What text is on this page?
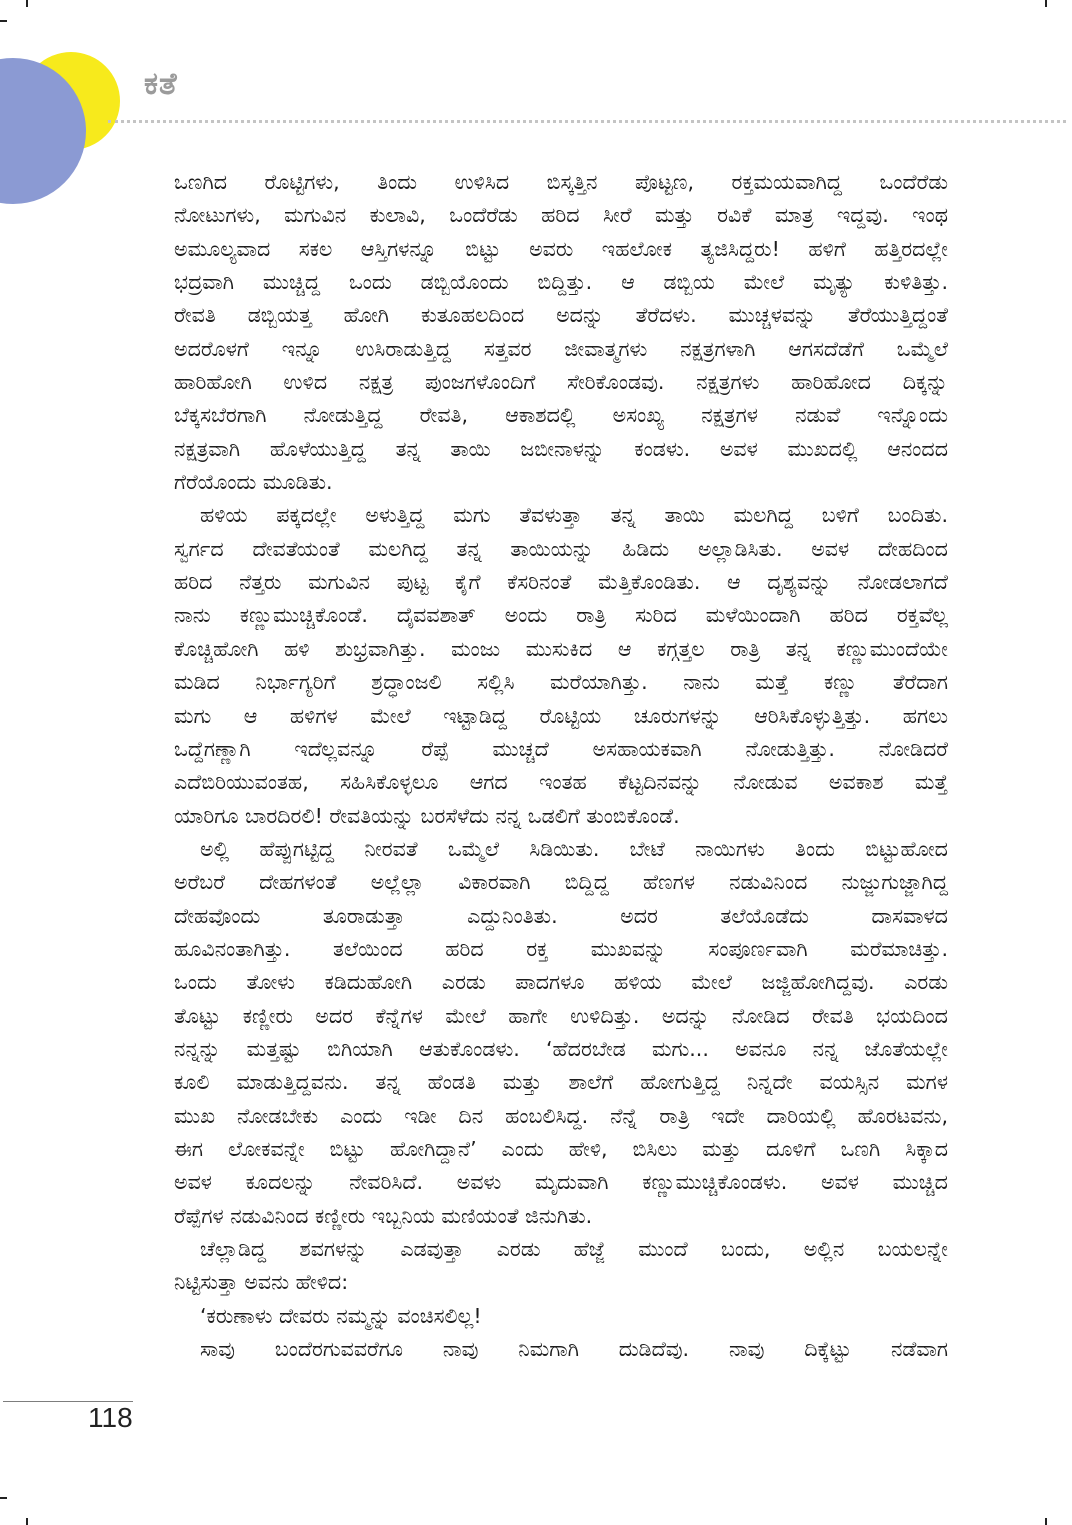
ಕತೆ

ಒಣಗಿದ ರೊಟ್ಟಿಗಳು, ತಿಂದು ಉಳಿಸಿದ ಬಿಸ್ಕತ್ತಿನ ಪೊಟ್ಟಣ, ರಕ್ತಮಯವಾಗಿದ್ದ ಒಂದೆರೆಡು

ನೋಟುಗಳು, ಮಗುವಿನ ಕುಲಾವಿ, ಒಂದೆರೆಡು ಹರಿದ ಸೀರೆ ಮತ್ತು ರವಿಕೆ ಮಾತ್ರ ಇದ್ದವು. ಇಂಥ

ಅಮೂಲ್ಯವಾದ ಸಕಲ ಆಸ್ತಿಗಳನ್ನೂ ಬಿಟ್ಟು ಅವರು ಇಹಲೋಕ ತ್ಯಜಿಸಿದ್ದರು! ಹಳಿಗೆ ಹತ್ತಿರದಲ್ಲೇ

ಭದ್ರವಾಗಿ ಮುಚ್ಚಿದ್ದ ಒಂದು ಡಬ್ಬಿಯೊಂದು ಬಿದ್ದಿತ್ತು. ಆ ಡಬ್ಬಿಯ ಮೇಲೆ ಮೃತ್ಯು ಕುಳಿತಿತ್ತು.

ರೇವತಿ ಡಬ್ಬಿಯತ್ತ ಹೋಗಿ ಕುತೂಹಲದಿಂದ ಅದನ್ನು ತೆರೆದಳು. ಮುಚ್ಚಳವನ್ನು ತೆರೆಯುತ್ತಿದ್ದಂತೆ

ಅದರೊಳಗೆ ಇನ್ನೂ ಉಸಿರಾಡುತ್ತಿದ್ದ ಸತ್ತವರ ಜೀವಾತ್ಮಗಳು ನಕ್ಷತ್ರಗಳಾಗಿ ಆಗಸದೆಡೆಗೆ ಒಮ್ಮೆಲೆ

ಹಾರಿಹೋಗಿ ಉಳಿದ ನಕ್ಷತ್ರ ಪುಂಜಗಳೊಂದಿಗೆ ಸೇರಿಕೊಂಡವು. ನಕ್ಷತ್ರಗಳು ಹಾರಿಹೋದ ದಿಕ್ಕನ್ನು

ಬೆಕ್ಕಸಬೆರಗಾಗಿ ನೋಡುತ್ತಿದ್ದ ರೇವತಿ, ಆಕಾಶದಲ್ಲಿ ಅಸಂಖ್ಯ ನಕ್ಷತ್ರಗಳ ನಡುವೆ ಇನ್ನೊಂದು

ನಕ್ಷತ್ರವಾಗಿ ಹೊಳೆಯುತ್ತಿದ್ದ ತನ್ನ ತಾಯಿ ಜಬೀನಾಳನ್ನು ಕಂಡಳು. ಅವಳ ಮುಖದಲ್ಲಿ ಆನಂದದ

ಗೆರೆಯೊಂದು ಮೂಡಿತು.

ಹಳಿಯ ಪಕ್ಕದಲ್ಲೇ ಅಳುತ್ತಿದ್ದ ಮಗು ತೆವಳುತ್ತಾ ತನ್ನ ತಾಯಿ ಮಲಗಿದ್ದ ಬಳಿಗೆ ಬಂದಿತು.

ಸ್ವರ್ಗದ ದೇವತೆಯಂತೆ ಮಲಗಿದ್ದ ತನ್ನ ತಾಯಿಯನ್ನು ಹಿಡಿದು ಅಲ್ಲಾಡಿಸಿತು. ಅವಳ ದೇಹದಿಂದ

ಹರಿದ ನೆತ್ತರು ಮಗುವಿನ ಪುಟ್ಟ ಕೈಗೆ ಕೆಸರಿನಂತೆ ಮೆತ್ತಿಕೊಂಡಿತು. ಆ ದೃಶ್ಯವನ್ನು ನೋಡಲಾಗದೆ

ನಾನು ಕಣ್ಣುಮುಚ್ಚಿಕೊಂಡೆ. ದೈವವಶಾತ್ ಅಂದು ರಾತ್ರಿ ಸುರಿದ ಮಳೆಯಿಂದಾಗಿ ಹರಿದ ರಕ್ತವೆಲ್ಲ

ಕೊಚ್ಚಿಹೋಗಿ ಹಳಿ ಶುಭ್ರವಾಗಿತ್ತು. ಮಂಜು ಮುಸುಕಿದ ಆ ಕಗ್ಗತ್ತಲ ರಾತ್ರಿ ತನ್ನ ಕಣ್ಣುಮುಂದೆಯೇ

ಮಡಿದ ನಿರ್ಭಾಗ್ಯರಿಗೆ ಶ್ರದ್ಧಾಂಜಲಿ ಸಲ್ಲಿಸಿ ಮರೆಯಾಗಿತ್ತು. ನಾನು ಮತ್ತೆ ಕಣ್ಣು ತೆರೆದಾಗ

ಮಗು ಆ ಹಳಿಗಳ ಮೇಲೆ ಇಟ್ಟಾಡಿದ್ದ ರೊಟ್ಟಿಯ ಚೂರುಗಳನ್ನು ಆರಿಸಿಕೊಳ್ಳುತ್ತಿತ್ತು. ಹಗಲು

ಒದ್ದೆಗಣ್ಣಾಗಿ ಇದೆಲ್ಲವನ್ನೂ ರೆಪ್ಪೆ ಮುಚ್ಚದೆ ಅಸಹಾಯಕವಾಗಿ ನೋಡುತ್ತಿತ್ತು. ನೋಡಿದರೆ

ಎದೆಬಿರಿಯುವಂತಹ, ಸಹಿಸಿಕೊಳ್ಳಲೂ ಆಗದ ಇಂತಹ ಕೆಟ್ಟದಿನವನ್ನು ನೋಡುವ ಅವಕಾಶ ಮತ್ತೆ

ಯಾರಿಗೂ ಬಾರದಿರಲಿ! ರೇವತಿಯನ್ನು ಬರಸೆಳೆದು ನನ್ನ ಒಡಲಿಗೆ ತುಂಬಿಕೊಂಡೆ.

ಅಲ್ಲಿ ಹೆಪ್ಪುಗಟ್ಟಿದ್ದ ನೀರವತೆ ಒಮ್ಮೆಲೆ ಸಿಡಿಯಿತು. ಬೇಟೆ ನಾಯಿಗಳು ತಿಂದು ಬಿಟ್ಟುಹೋದ

ಅರೆಬರೆ ದೇಹಗಳಂತೆ ಅಲ್ಲೆಲ್ಲಾ ವಿಕಾರವಾಗಿ ಬಿದ್ದಿದ್ದ ಹೆಣಗಳ ನಡುವಿನಿಂದ ನುಜ್ಜುಗುಜ್ಜಾಗಿದ್ದ

ದೇಹವೊಂದು ತೂರಾಡುತ್ತಾ ಎದ್ದುನಿಂತಿತು. ಅದರ ತಲೆಯೊಡೆದು ದಾಸವಾಳದ

ಹೂವಿನಂತಾಗಿತ್ತು. ತಲೆಯಿಂದ ಹರಿದ ರಕ್ತ ಮುಖವನ್ನು ಸಂಪೂರ್ಣವಾಗಿ ಮರೆಮಾಚಿತ್ತು.

ಒಂದು ತೋಳು ಕಡಿದುಹೋಗಿ ಎರಡು ಪಾದಗಳೂ ಹಳಿಯ ಮೇಲೆ ಜಜ್ಜಿಹೋಗಿದ್ದವು. ಎರಡು

ತೊಟ್ಟು ಕಣ್ಣೀರು ಅದರ ಕೆನ್ನೆಗಳ ಮೇಲೆ ಹಾಗೇ ಉಳಿದಿತ್ತು. ಅದನ್ನು ನೋಡಿದ ರೇವತಿ ಭಯದಿಂದ

ನನ್ನನ್ನು ಮತ್ತಷ್ಟು ಬಿಗಿಯಾಗಿ ಆತುಕೊಂಡಳು. ‘ಹೆದರಬೇಡ ಮಗು... ಅವನೂ ನನ್ನ ಜೊತೆಯಲ್ಲೇ

ಕೂಲಿ ಮಾಡುತ್ತಿದ್ದವನು. ತನ್ನ ಹೆಂಡತಿ ಮತ್ತು ಶಾಲೆಗೆ ಹೋಗುತ್ತಿದ್ದ ನಿನ್ನದೇ ವಯಸ್ಸಿನ ಮಗಳ

ಮುಖ ನೋಡಬೇಕು ಎಂದು ಇಡೀ ದಿನ ಹಂಬಲಿಸಿದ್ದ. ನೆನ್ನೆ ರಾತ್ರಿ ಇದೇ ದಾರಿಯಲ್ಲಿ ಹೊರಟವನು,

ಈಗ ಲೋಕವನ್ನೇ ಬಿಟ್ಟು ಹೋಗಿದ್ದಾನೆ’ ಎಂದು ಹೇಳಿ, ಬಿಸಿಲು ಮತ್ತು ದೂಳಿಗೆ ಒಣಗಿ ಸಿಕ್ಕಾದ

ಅವಳ ಕೂದಲನ್ನು ನೇವರಿಸಿದೆ. ಅವಳು ಮೃದುವಾಗಿ ಕಣ್ಣುಮುಚ್ಚಿಕೊಂಡಳು. ಅವಳ ಮುಚ್ಚಿದ

ರೆಪ್ಪೆಗಳ ನಡುವಿನಿಂದ ಕಣ್ಣೀರು ಇಬ್ಬನಿಯ ಮಣಿಯಂತೆ ಜಿನುಗಿತು.

ಚೆಲ್ಲಾಡಿದ್ದ ಶವಗಳನ್ನು ಎಡವುತ್ತಾ ಎರಡು ಹೆಜ್ಜೆ ಮುಂದೆ ಬಂದು, ಅಲ್ಲಿನ ಬಯಲನ್ನೇ

ನಿಟ್ಟಿಸುತ್ತಾ ಅವನು ಹೇಳಿದ:

‘ಕರುಣಾಳು ದೇವರು ನಮ್ಮನ್ನು ವಂಚಿಸಲಿಲ್ಲ!

ಸಾವು ಬಂದೆರಗುವವರೆಗೂ ನಾವು ನಿಮಗಾಗಿ ದುಡಿದೆವು. ನಾವು ದಿಕ್ಕೆಟ್ಟು ನಡೆವಾಗ

118
